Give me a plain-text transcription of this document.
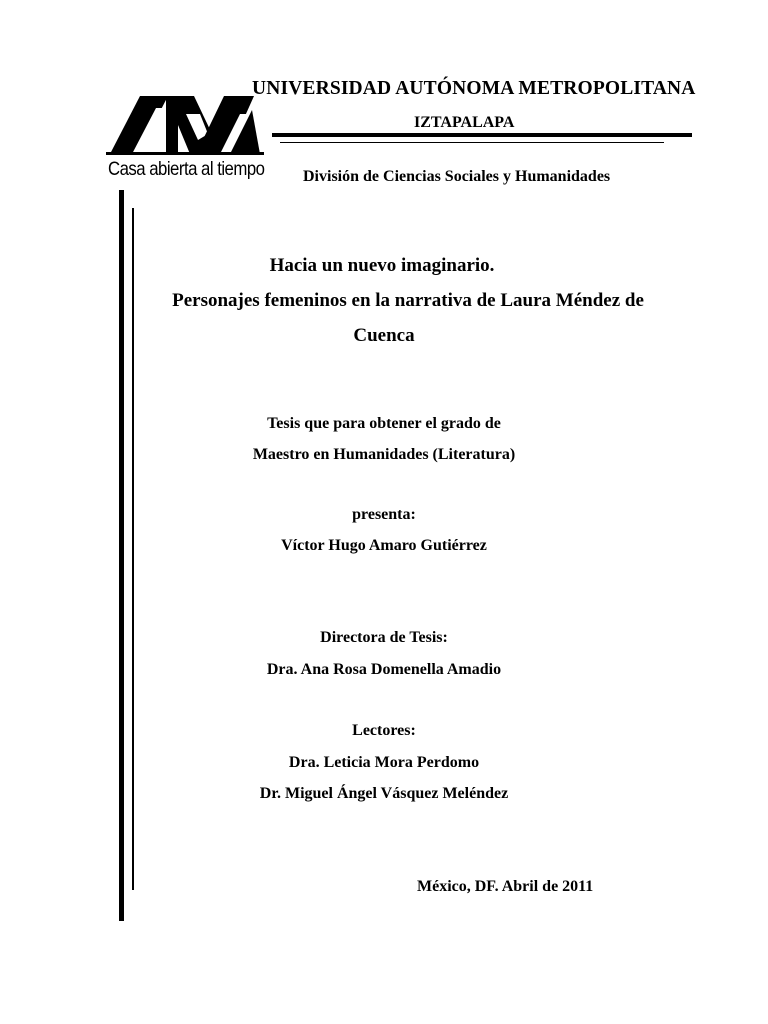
Casa abierta al tiempo
UNIVERSIDAD AUTÓNOMA METROPOLITANA
IZTAPALAPA
División de Ciencias Sociales y Humanidades
Hacia un nuevo imaginario.
Personajes femeninos en la narrativa de Laura Méndez de
Cuenca
Tesis que para obtener el grado de
Maestro en Humanidades (Literatura)
presenta:
Víctor Hugo Amaro Gutiérrez
Directora de Tesis:
Dra. Ana Rosa Domenella Amadio
Lectores:
Dra. Leticia Mora Perdomo
Dr. Miguel Ángel Vásquez Meléndez
México, DF. Abril de 2011
